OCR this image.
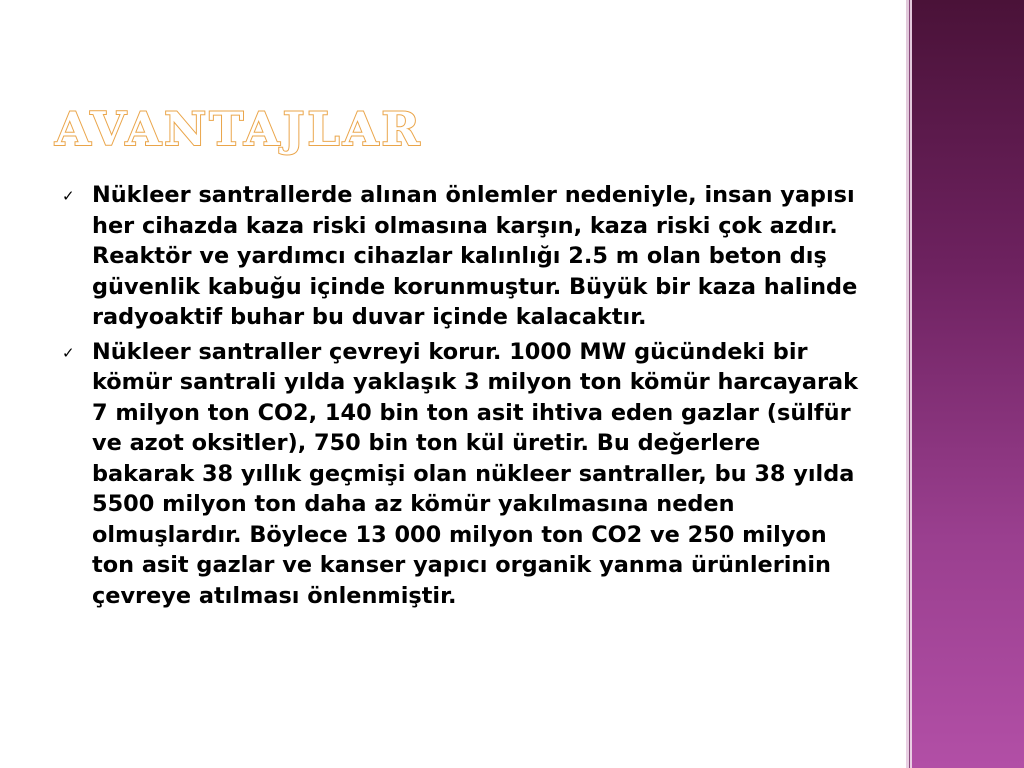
AVANTAJLAR
✓ Nükleer santrallerde alınan önlemler nedeniyle, insan yapısı her cihazda kaza riski olmasına karşın, kaza riski çok azdır. Reaktör ve yardımcı cihazlar kalınlığı 2.5 m olan beton dış güvenlik kabuğu içinde korunmuştur. Büyük bir kaza halinde radyoaktif buhar bu duvar içinde kalacaktır.
✓ Nükleer santraller çevreyi korur. 1000 MW gücündeki bir kömür santrali yılda yaklaşık 3 milyon ton kömür harcayarak 7 milyon ton CO2, 140 bin ton asit ihtiva eden gazlar (sülfür ve azot oksitler), 750 bin ton kül üretir. Bu değerlere bakarak 38 yıllık geçmişi olan nükleer santraller, bu 38 yılda 5500 milyon ton daha az kömür yakılmasına neden olmuşlardır. Böylece 13 000 milyon ton CO2 ve 250 milyon ton asit gazlar ve kanser yapıcı organik yanma ürünlerinin çevreye atılması önlenmiştir.
